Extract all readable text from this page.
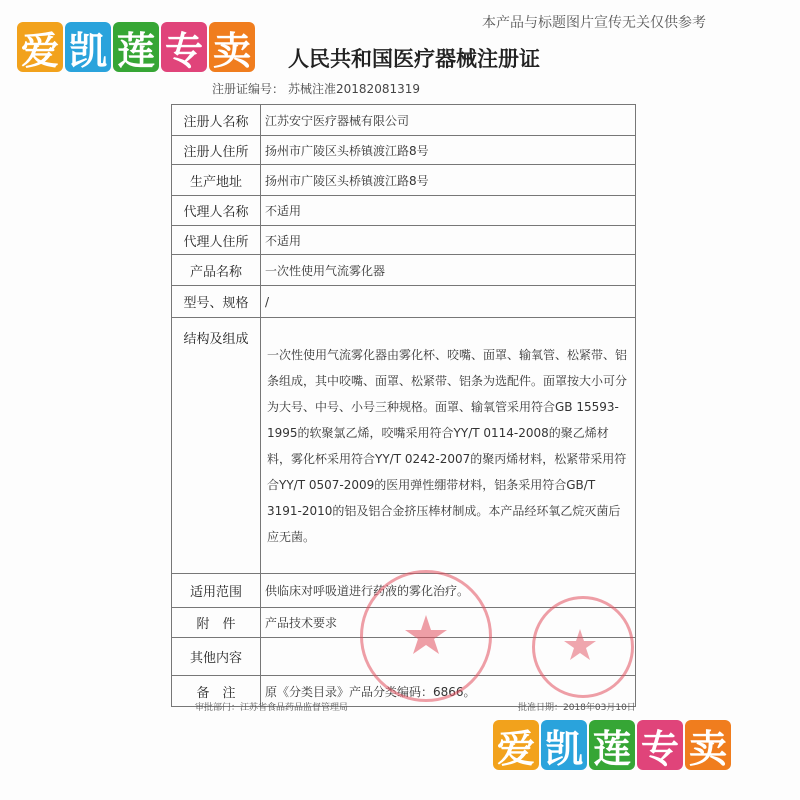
本产品与标题图片宣传无关仅供参考
爱 凯 莲 专 卖 人民共和国医疗器械注册证
注册证编号： 苏械注准20182081319
注册人名称	江苏安宁医疗器械有限公司
注册人住所	扬州市广陵区头桥镇渡江路8号
生产地址	扬州市广陵区头桥镇渡江路8号
代理人名称	不适用
代理人住所	不适用
产品名称	一次性使用气流雾化器
型号、规格	/
结构及组成	一次性使用气流雾化器由雾化杯、咬嘴、面罩、输氧管、松紧带、铝条组成，其中咬嘴、面罩、松紧带、铝条为选配件。面罩按大小可分为大号、中号、小号三种规格。面罩、输氧管采用符合GB 15593-1995的软聚氯乙烯，咬嘴采用符合YY/T 0114-2008的聚乙烯材料，雾化杯采用符合YY/T 0242-2007的聚丙烯材料，松紧带采用符合YY/T 0507-2009的医用弹性绷带材料，铝条采用符合GB/T 3191-2010的铝及铝合金挤压棒材制成。本产品经环氧乙烷灭菌后应无菌。
适用范围	供临床对呼吸道进行药液的雾化治疗。
附　件	产品技术要求
其他内容	
备　注	原《分类目录》产品分类编码：6866。
审批部门：江苏省食品药品监督管理局	批准日期：2018年03月10日
爱 凯 莲 专 卖
